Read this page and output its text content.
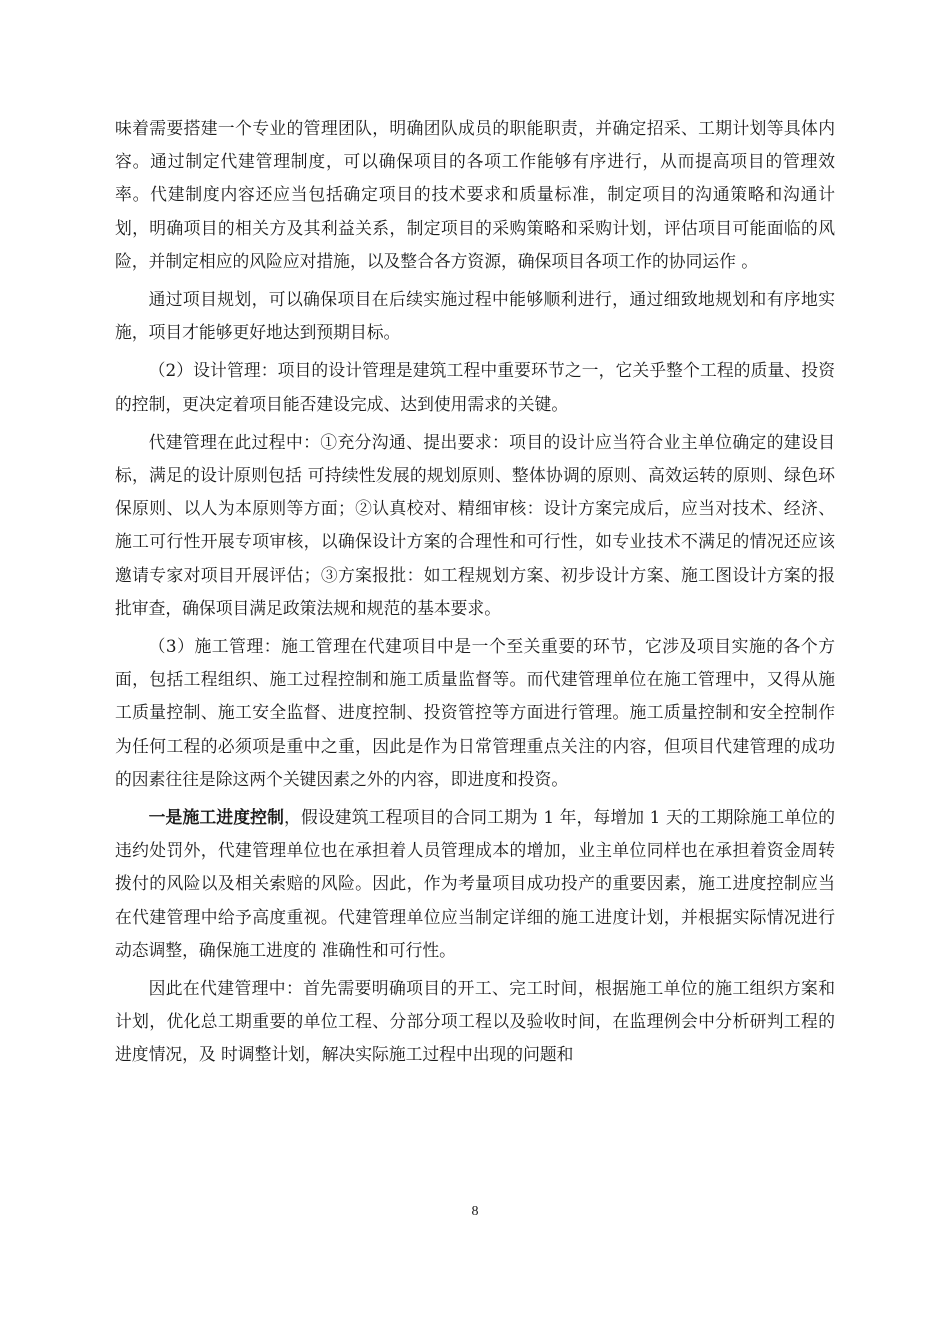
味着需要搭建一个专业的管理团队，明确团队成员的职能职责，并确定招采、工期计划等具体内容。通过制定代建管理制度，可以确保项目的各项工作能够有序进行，从而提高项目的管理效率。代建制度内容还应当包括确定项目的技术要求和质量标准，制定项目的沟通策略和沟通计划，明确项目的相关方及其利益关系，制定项目的采购策略和采购计划，评估项目可能面临的风险，并制定相应的风险应对措施，以及整合各方资源，确保项目各项工作的协同运作 。

通过项目规划，可以确保项目在后续实施过程中能够顺利进行，通过细致地规划和有序地实施，项目才能够更好地达到预期目标。

（2）设计管理：项目的设计管理是建筑工程中重要环节之一，它关乎整个工程的质量、投资的控制，更决定着项目能否建设完成、达到使用需求的关键。

代建管理在此过程中：①充分沟通、提出要求：项目的设计应当符合业主单位确定的建设目标，满足的设计原则包括 可持续性发展的规划原则、整体协调的原则、高效运转的原则、绿色环保原则、以人为本原则等方面；②认真校对、精细审核：设计方案完成后，应当对技术、经济、施工可行性开展专项审核，以确保设计方案的合理性和可行性，如专业技术不满足的情况还应该邀请专家对项目开展评估；③方案报批：如工程规划方案、初步设计方案、施工图设计方案的报批审查，确保项目满足政策法规和规范的基本要求。

（3）施工管理：施工管理在代建项目中是一个至关重要的环节，它涉及项目实施的各个方面，包括工程组织、施工过程控制和施工质量监督等。而代建管理单位在施工管理中，又得从施工质量控制、施工安全监督、进度控制、投资管控等方面进行管理。施工质量控制和安全控制作为任何工程的必须项是重中之重，因此是作为日常管理重点关注的内容，但项目代建管理的成功的因素往往是除这两个关键因素之外的内容，即进度和投资。

一是施工进度控制，假设建筑工程项目的合同工期为 1 年，每增加 1 天的工期除施工单位的违约处罚外，代建管理单位也在承担着人员管理成本的增加，业主单位同样也在承担着资金周转拨付的风险以及相关索赔的风险。因此，作为考量项目成功投产的重要因素，施工进度控制应当在代建管理中给予高度重视。代建管理单位应当制定详细的施工进度计划，并根据实际情况进行动态调整，确保施工进度的 准确性和可行性。

因此在代建管理中：首先需要明确项目的开工、完工时间，根据施工单位的施工组织方案和计划，优化总工期重要的单位工程、分部分项工程以及验收时间，在监理例会中分析研判工程的进度情况，及 时调整计划，解决实际施工过程中出现的问题和

8
